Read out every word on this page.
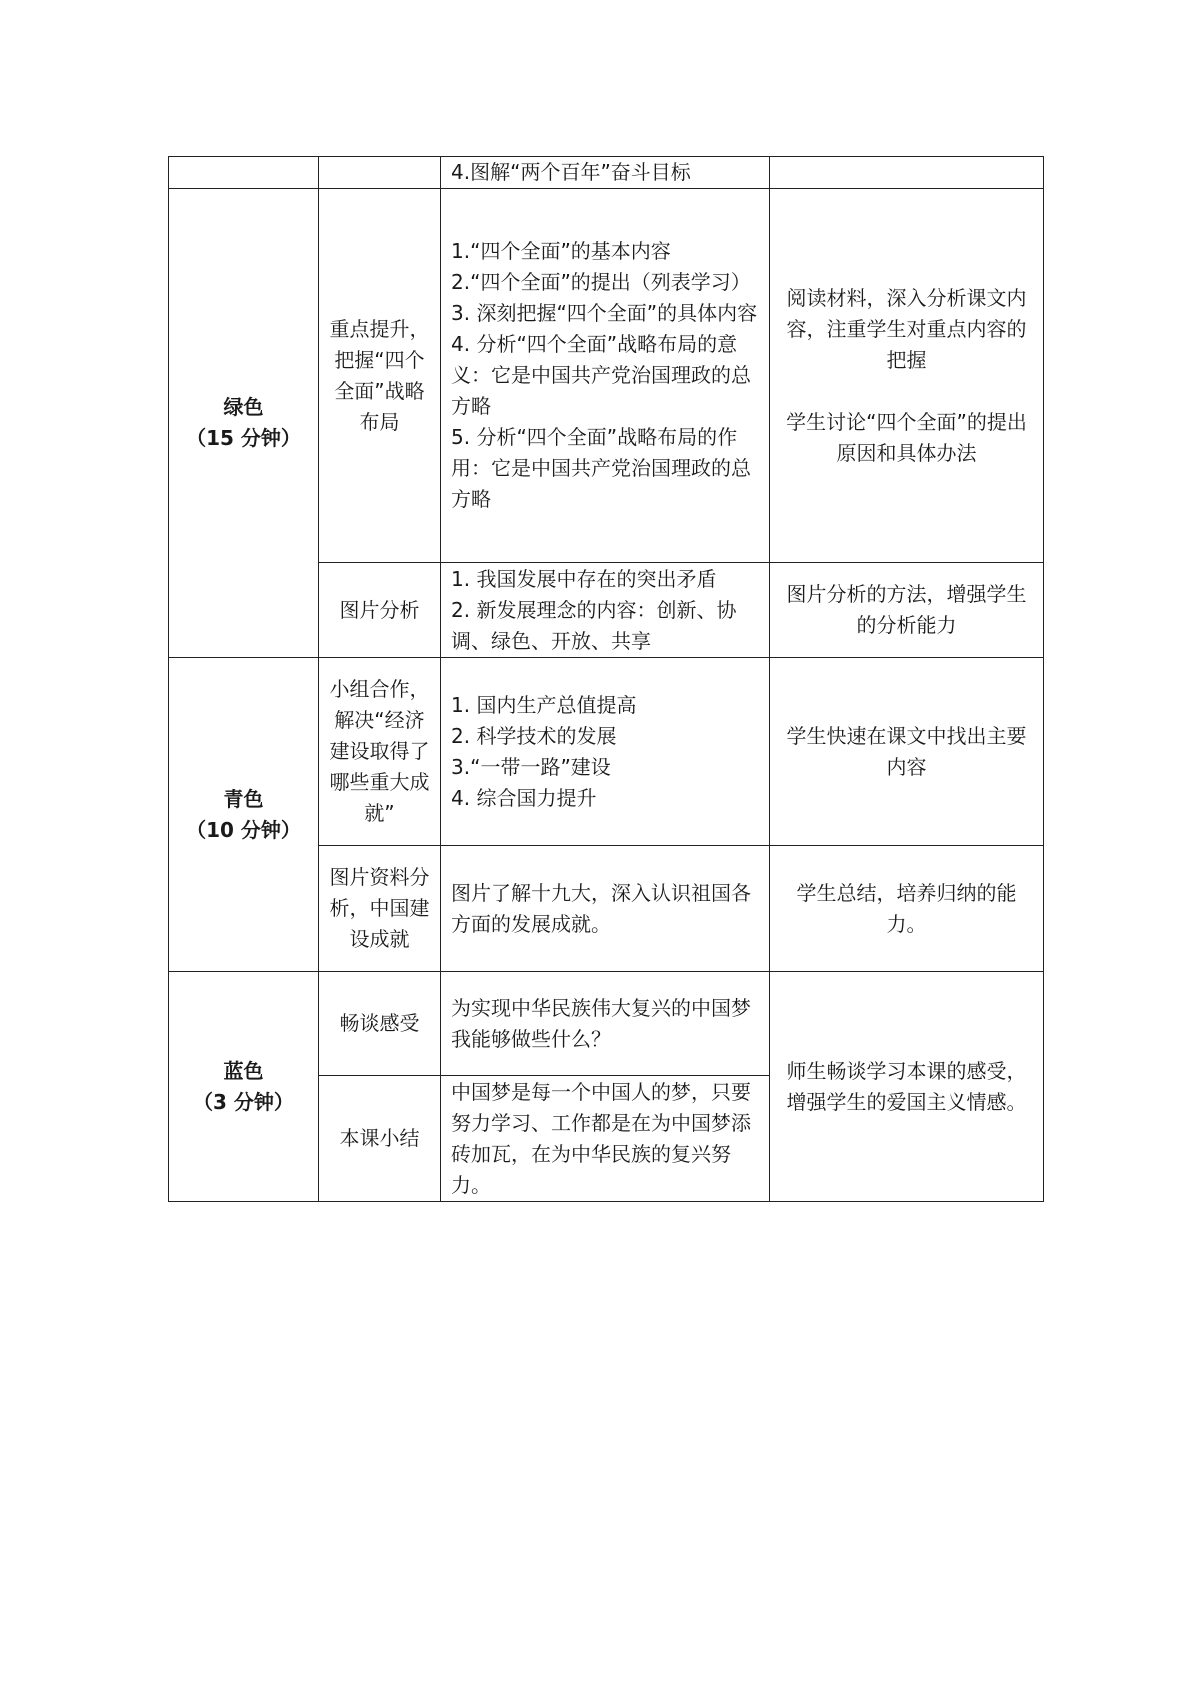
		4.图解“两个百年”奋斗目标	

绿色
（15 分钟）	重点提升，把握“四个全面”战略布局	1.“四个全面”的基本内容
2.“四个全面”的提出（列表学习）
3. 深刻把握“四个全面”的具体内容
4. 分析“四个全面”战略布局的意义：它是中国共产党治国理政的总方略
5. 分析“四个全面”战略布局的作用：它是中国共产党治国理政的总方略	阅读材料，深入分析课文内容，注重学生对重点内容的把握
学生讨论“四个全面”的提出原因和具体办法

	图片分析	1. 我国发展中存在的突出矛盾
2. 新发展理念的内容：创新、协调、绿色、开放、共享	图片分析的方法，增强学生的分析能力

青色
（10 分钟）	小组合作，解决“经济建设取得了哪些重大成就”	1. 国内生产总值提高
2. 科学技术的发展
3.“一带一路”建设
4. 综合国力提升	学生快速在课文中找出主要内容

	图片资料分析，中国建设成就	图片了解十九大，深入认识祖国各方面的发展成就。	学生总结，培养归纳的能力。

蓝色
（3 分钟）	畅谈感受	为实现中华民族伟大复兴的中国梦我能够做些什么？	师生畅谈学习本课的感受，增强学生的爱国主义情感。

	本课小结	中国梦是每一个中国人的梦，只要努力学习、工作都是在为中国梦添砖加瓦，在为中华民族的复兴努力。	
